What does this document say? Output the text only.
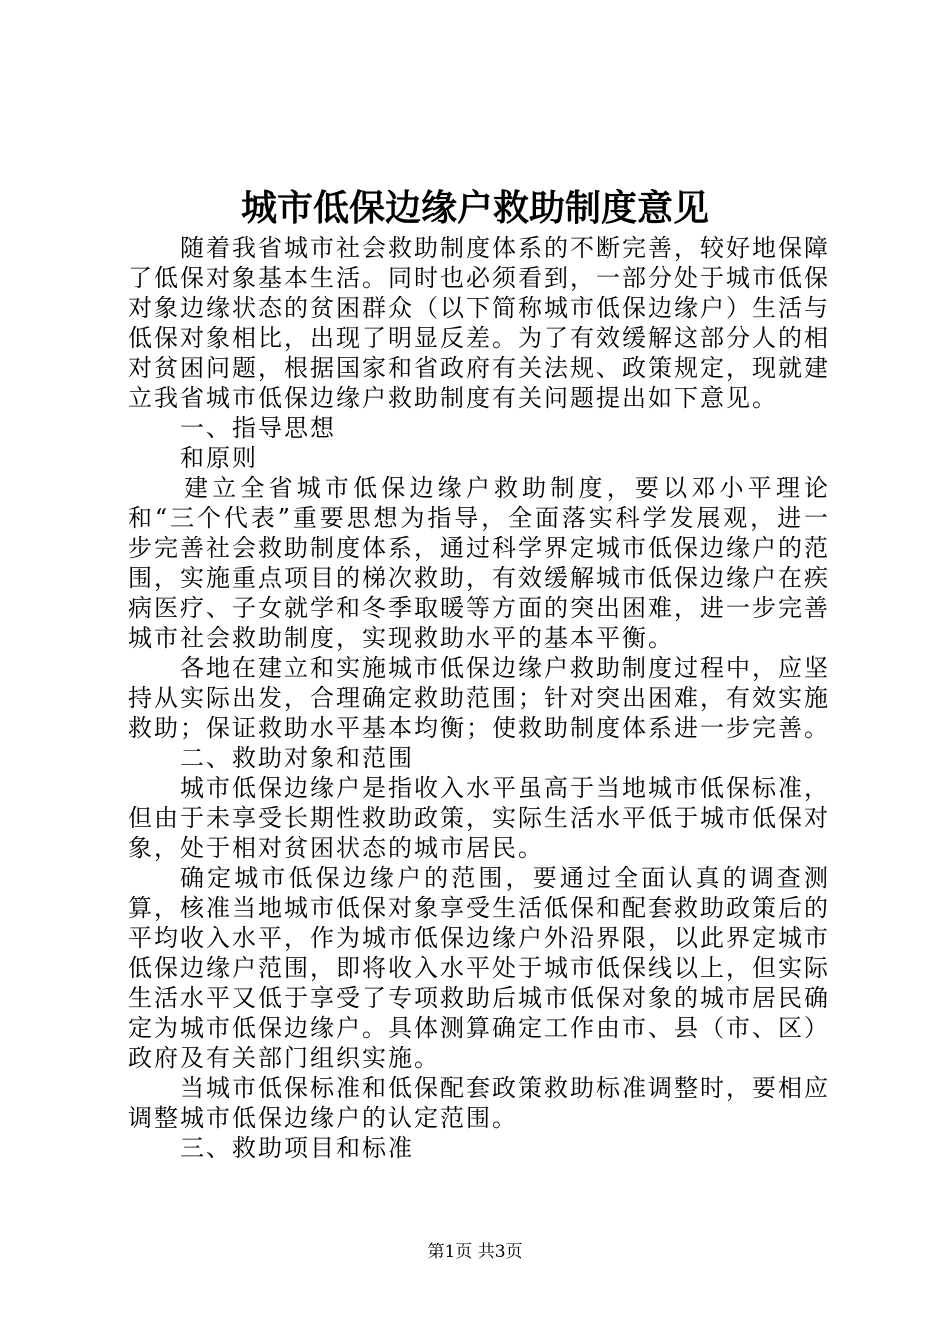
城市低保边缘户救助制度意见

随着我省城市社会救助制度体系的不断完善，较好地保障了低保对象基本生活。同时也必须看到，一部分处于城市低保对象边缘状态的贫困群众（以下简称城市低保边缘户）生活与低保对象相比，出现了明显反差。为了有效缓解这部分人的相对贫困问题，根据国家和省政府有关法规、政策规定，现就建立我省城市低保边缘户救助制度有关问题提出如下意见。

一、指导思想

和原则

建立全省城市低保边缘户救助制度，要以邓小平理论和“三个代表”重要思想为指导，全面落实科学发展观，进一步完善社会救助制度体系，通过科学界定城市低保边缘户的范围，实施重点项目的梯次救助，有效缓解城市低保边缘户在疾病医疗、子女就学和冬季取暖等方面的突出困难，进一步完善城市社会救助制度，实现救助水平的基本平衡。

各地在建立和实施城市低保边缘户救助制度过程中，应坚持从实际出发，合理确定救助范围；针对突出困难，有效实施救助；保证救助水平基本均衡；使救助制度体系进一步完善。

二、救助对象和范围

城市低保边缘户是指收入水平虽高于当地城市低保标准，但由于未享受长期性救助政策，实际生活水平低于城市低保对象，处于相对贫困状态的城市居民。

确定城市低保边缘户的范围，要通过全面认真的调查测算，核准当地城市低保对象享受生活低保和配套救助政策后的平均收入水平，作为城市低保边缘户外沿界限，以此界定城市低保边缘户范围，即将收入水平处于城市低保线以上，但实际生活水平又低于享受了专项救助后城市低保对象的城市居民确定为城市低保边缘户。具体测算确定工作由市、县（市、区）政府及有关部门组织实施。

当城市低保标准和低保配套政策救助标准调整时，要相应调整城市低保边缘户的认定范围。

三、救助项目和标准

第1页 共3页
